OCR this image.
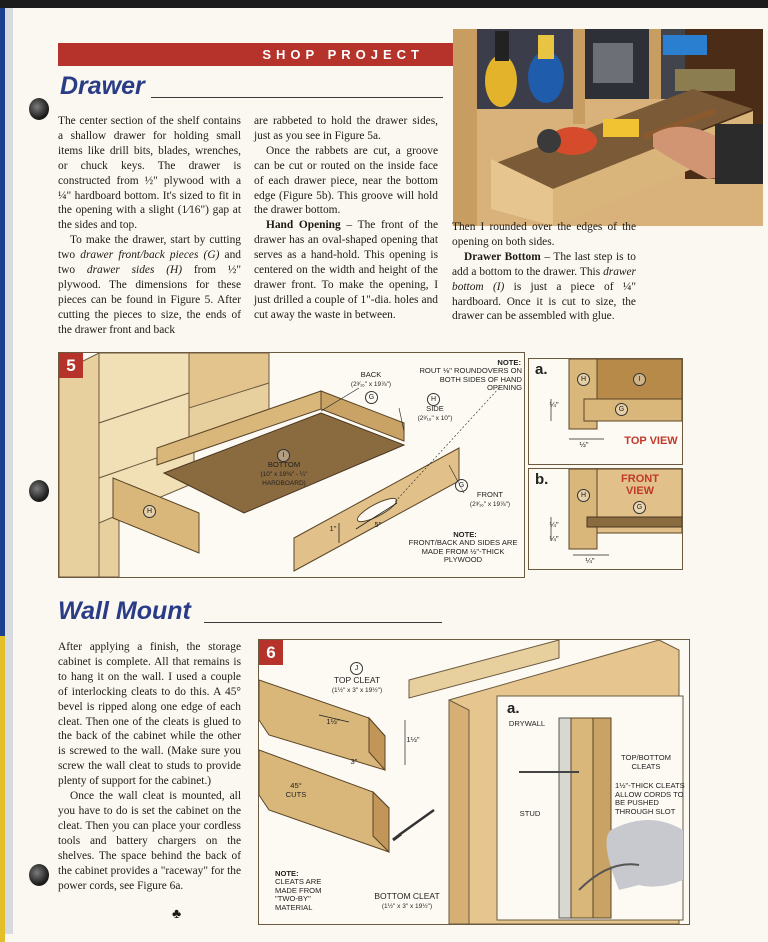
SHOP PROJECT
Drawer

The center section of the shelf contains a shallow drawer for holding small items like drill bits, blades, wrenches, or chuck keys. The drawer is constructed from ½" plywood with a ¼" hardboard bottom. It's sized to fit in the opening with a slight (1⁄16") gap at the sides and top.

To make the drawer, start by cutting two drawer front/back pieces (G) and two drawer sides (H) from ½" plywood. The dimensions for these pieces can be found in Figure 5. After cutting the pieces to size, the ends of the drawer front and back

are rabbeted to hold the drawer sides, just as you see in Figure 5a.

Once the rabbets are cut, a groove can be cut or routed on the inside face of each drawer piece, near the bottom edge (Figure 5b). This groove will hold the drawer bottom.

Hand Opening – The front of the drawer has an oval-shaped opening that serves as a hand-hold. This opening is centered on the width and height of the drawer front. To make the opening, I just drilled a couple of 1"-dia. holes and cut away the waste in between.

Then I rounded over the edges of the opening on both sides.

Drawer Bottom – The last step is to add a bottom to the drawer. This drawer bottom (I) is just a piece of ¼" hardboard. Once it is cut to size, the drawer can be assembled with glue.

5	BACK
(2³⁄₁₆" x 19⅞")
G
NOTE:
ROUT ⅛" ROUNDOVERS ON BOTH SIDES OF HAND OPENING
H
SIDE
(2³⁄₁₆" x 10")
I
BOTTOM
(10" x 19⅜" - ¼" HARDBOARD)	G
FRONT
(2³⁄₁₆" x 19⅞")
1"	5"
NOTE:
FRONT/BACK AND SIDES ARE MADE FROM ½"-THICK PLYWOOD
H
a.
H	I
G
¼"
½"	TOP VIEW
b.
H
FRONT VIEW
G
¼"
¼"
¼"
Wall Mount

After applying a finish, the storage cabinet is complete. All that remains is to hang it on the wall. I used a couple of interlocking cleats to do this. A 45° bevel is ripped along one edge of each cleat. Then one of the cleats is glued to the back of the cabinet while the other is screwed to the wall. (Make sure you screw the wall cleat to studs to provide plenty of support for the cabinet.)

Once the wall cleat is mounted, all you have to do is set the cabinet on the cleat. Then you can place your cordless tools and battery chargers on the shelves. The space behind the back of the cabinet provides a "raceway" for the power cords, see Figure 6a.

♣
6
J
TOP CLEAT
(1½" x 3" x 19½")
1½"
1½"
3"
45° CUTS
NOTE:
CLEATS ARE MADE FROM "TWO-BY" MATERIAL
BOTTOM CLEAT
(1½" x 3" x 19½")
a.
DRYWALL
STUD
TOP/BOTTOM CLEATS
1½"-THICK CLEATS ALLOW CORDS TO BE PUSHED THROUGH SLOT
